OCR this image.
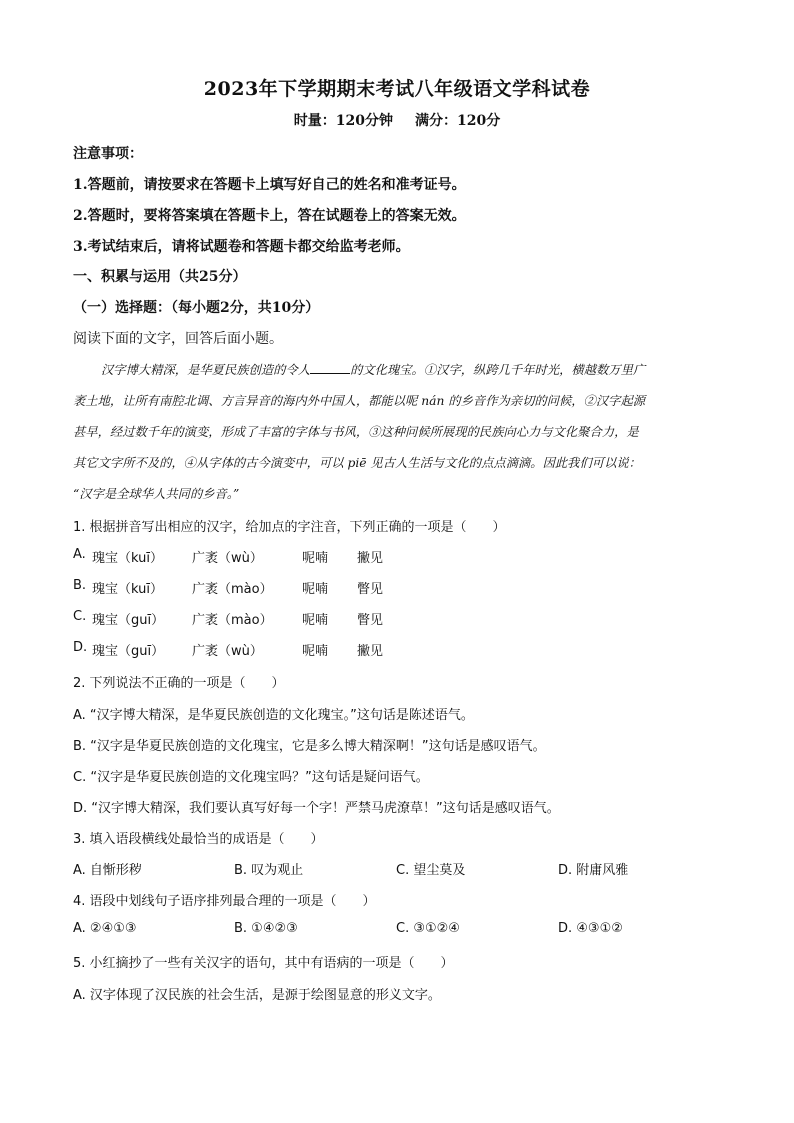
2023年下学期期末考试八年级语文学科试卷
时量：120分钟 满分：120分
注意事项：
1.答题前，请按要求在答题卡上填写好自己的姓名和准考证号。
2.答题时，要将答案填在答题卡上，答在试题卷上的答案无效。
3.考试结束后，请将试题卷和答题卡都交给监考老师。
一、积累与运用（共25分）
（一）选择题：（每小题2分，共10分）
阅读下面的文字，回答后面小题。
汉字博大精深，是华夏民族创造的令人	的文化瑰宝。①汉字，纵跨几千年时光，横越数万里广
袤土地，让所有南腔北调、方言异音的海内外中国人，都能以呢 nán 的乡音作为亲切的问候，②汉字起源
甚早，经过数千年的演变，形成了丰富的字体与书风，③这种问候所展现的民族向心力与文化聚合力，是
其它文字所不及的，④从字体的古今演变中，可以 piē 见古人生活与文化的点点滴滴。因此我们可以说：
“汉字是全球华人共同的乡音。”
1. 根据拼音写出相应的汉字，给加点的字注音，下列正确的一项是（　　）
A. 瑰宝（kuī） 广袤（wù）	呢喃 撇见
B. 瑰宝（kuī） 广袤（mào） 呢喃 瞥见
C. 瑰宝（guī） 广袤（mào） 呢喃 瞥见
D. 瑰宝（guī） 广袤（wù）	呢喃 撇见
2. 下列说法不正确的一项是（　　）
A. “汉字博大精深，是华夏民族创造的文化瑰宝。”这句话是陈述语气。
B. “汉字是华夏民族创造的文化瑰宝，它是多么博大精深啊！”这句话是感叹语气。
C. “汉字是华夏民族创造的文化瑰宝吗？”这句话是疑问语气。
D. “汉字博大精深，我们要认真写好每一个字！严禁马虎潦草！”这句话是感叹语气。
3. 填入语段横线处最恰当的成语是（　　）
A. 自惭形秽	B. 叹为观止	C. 望尘莫及	D. 附庸风雅
4. 语段中划线句子语序排列最合理的一项是（　　）
A. ②④①③	B. ①④②③	C. ③①②④	D. ④③①②
5. 小红摘抄了一些有关汉字的语句，其中有语病的一项是（　　）
A. 汉字体现了汉民族的社会生活，是源于绘图显意的形义文字。
